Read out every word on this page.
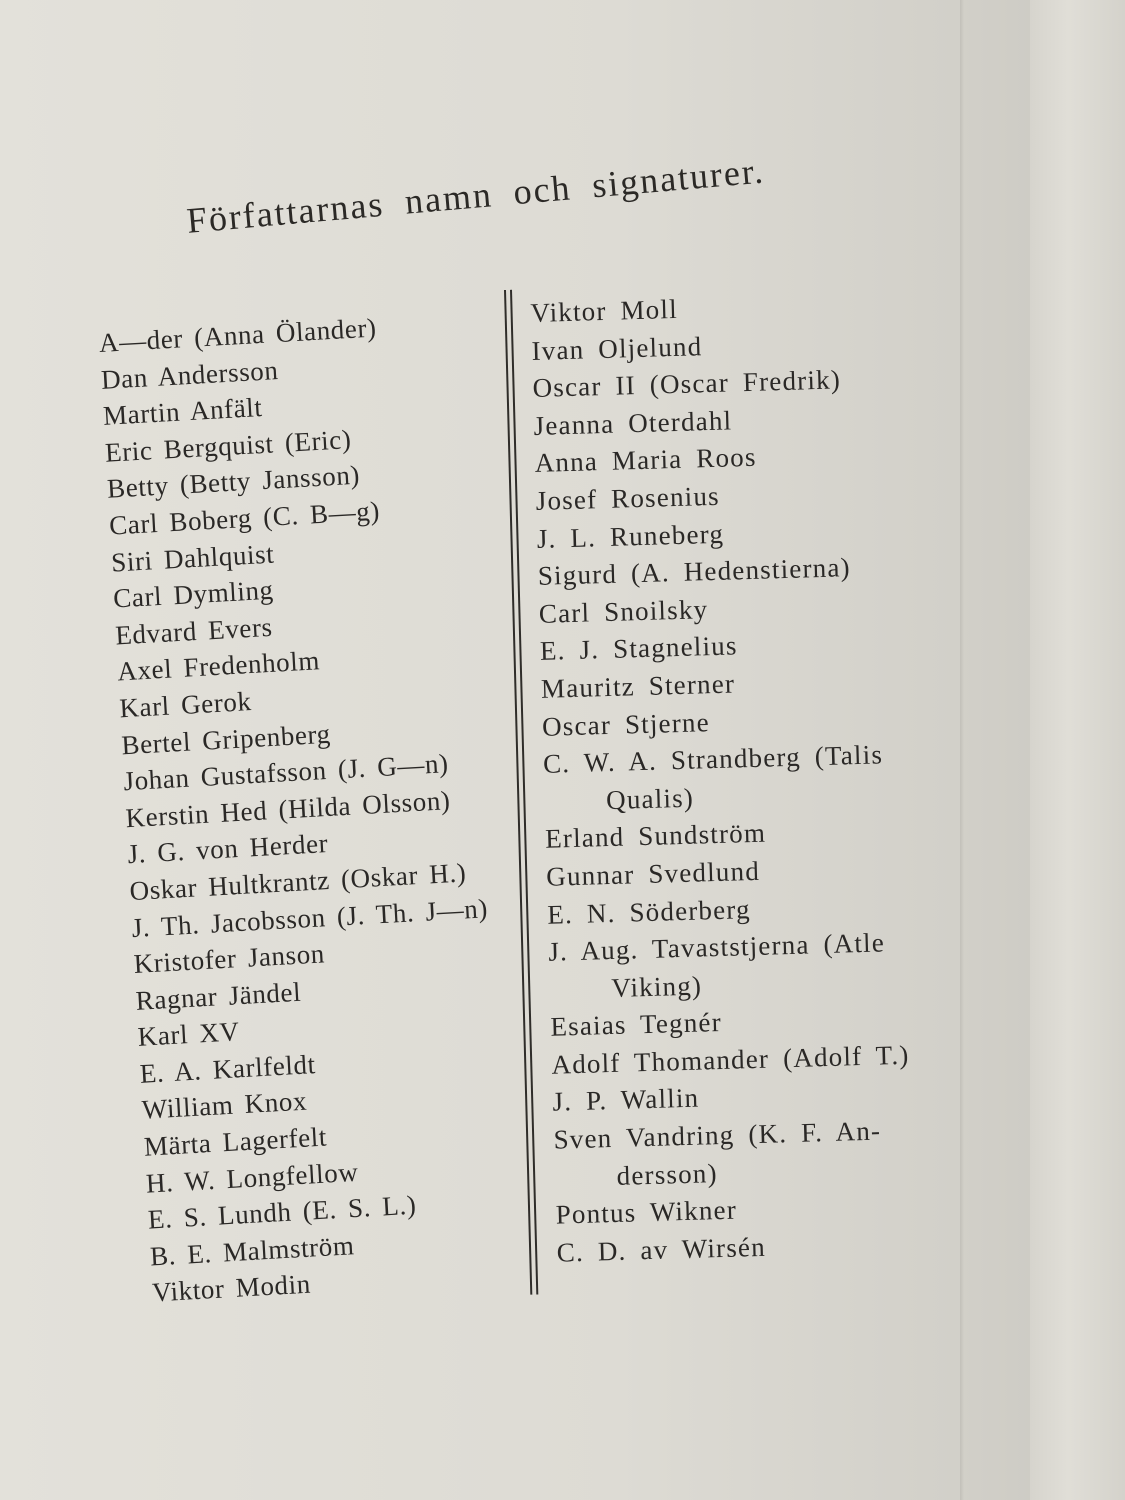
Författarnas namn och signaturer.
A—der (Anna Ölander)
Dan Andersson
Martin Anfält
Eric Bergquist (Eric)
Betty (Betty Jansson)
Carl Boberg (C. B—g)
Siri Dahlquist
Carl Dymling
Edvard Evers
Axel Fredenholm
Karl Gerok
Bertel Gripenberg
Johan Gustafsson (J. G—n)
Kerstin Hed (Hilda Olsson)
J. G. von Herder
Oskar Hultkrantz (Oskar H.)
J. Th. Jacobsson (J. Th. J—n)
Kristofer Janson
Ragnar Jändel
Karl XV
E. A. Karlfeldt
William Knox
Märta Lagerfelt
H. W. Longfellow
E. S. Lundh (E. S. L.)
B. E. Malmström
Viktor Modin
Viktor Moll
Ivan Oljelund
Oscar II (Oscar Fredrik)
Jeanna Oterdahl
Anna Maria Roos
Josef Rosenius
J. L. Runeberg
Sigurd (A. Hedenstierna)
Carl Snoilsky
E. J. Stagnelius
Mauritz Sterner
Oscar Stjerne
C. W. A. Strandberg (Talis
Qualis)
Erland Sundström
Gunnar Svedlund
E. N. Söderberg
J. Aug. Tavaststjerna (Atle
Viking)
Esaias Tegnér
Adolf Thomander (Adolf T.)
J. P. Wallin
Sven Vandring (K. F. An-
dersson)
Pontus Wikner
C. D. av Wirsén
